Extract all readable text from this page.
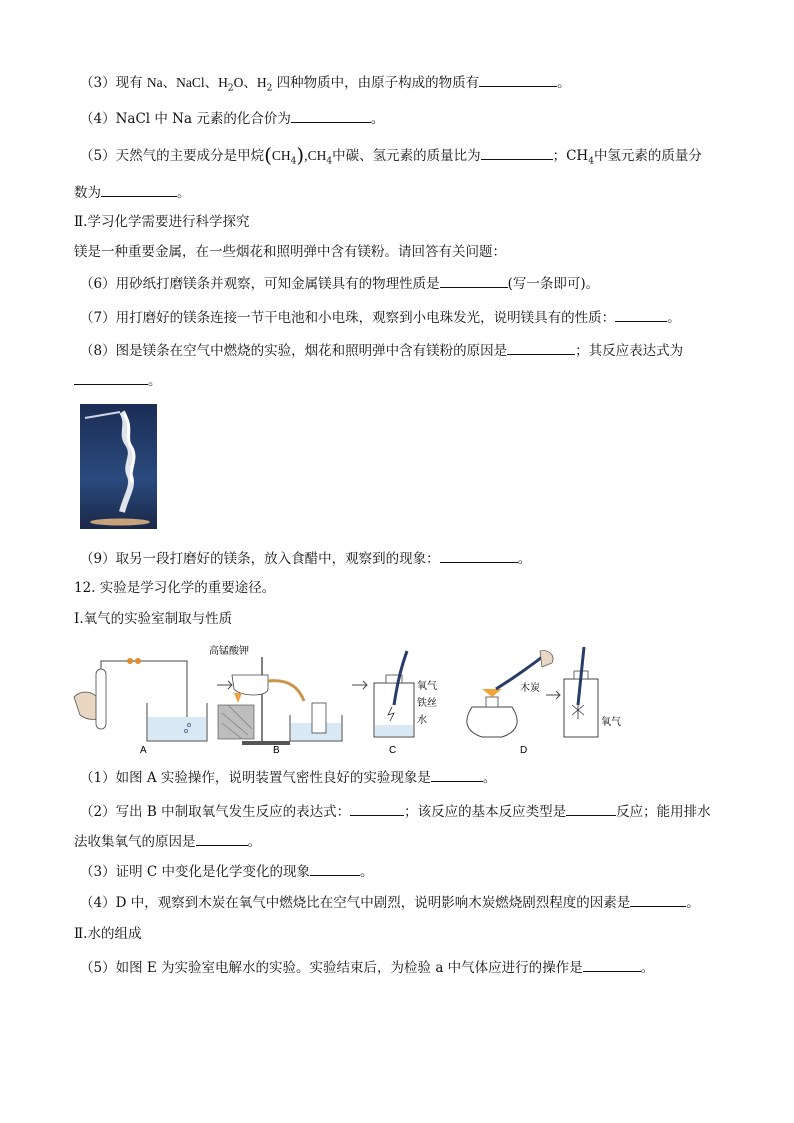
（3）现有 Na、NaCl、$H_2O$、$H_2$ 四种物质中，由原子构成的物质有	。
（4）NaCl 中 Na 元素的化合价为	。
（5）天然气的主要成分是甲烷$(CH_4),CH_4$中碳、氢元素的质量比为	；$CH_4$中氢元素的质量分
数为	。
Ⅱ.学习化学需要进行科学探究
镁是一种重要金属，在一些烟花和照明弹中含有镁粉。请回答有关问题：
（6）用砂纸打磨镁条并观察，可知金属镁具有的物理性质是	(写一条即可)。
（7）用打磨好的镁条连接一节干电池和小电珠，观察到小电珠发光，说明镁具有的性质：	。
（8）图是镁条在空气中燃烧的实验，烟花和照明弹中含有镁粉的原因是	；其反应表达式为
。
（9）取另一段打磨好的镁条，放入食醋中，观察到的现象：	。
12. 实验是学习化学的重要途径。
Ⅰ.氧气的实验室制取与性质
A
高锰酸钾
B
氧气
铁丝
水
C
木炭
氧气
D
（1）如图 A 实验操作，说明装置气密性良好的实验现象是	。
（2）写出 B 中制取氧气发生反应的表达式：	；该反应的基本反应类型是	反应；能用排水
法收集氧气的原因是	。
（3）证明 C 中变化是化学变化的现象	。
（4）D 中，观察到木炭在氧气中燃烧比在空气中剧烈，说明影响木炭燃烧剧烈程度的因素是	。
Ⅱ.水的组成
（5）如图 E 为实验室电解水的实验。实验结束后，为检验 a 中气体应进行的操作是	。
